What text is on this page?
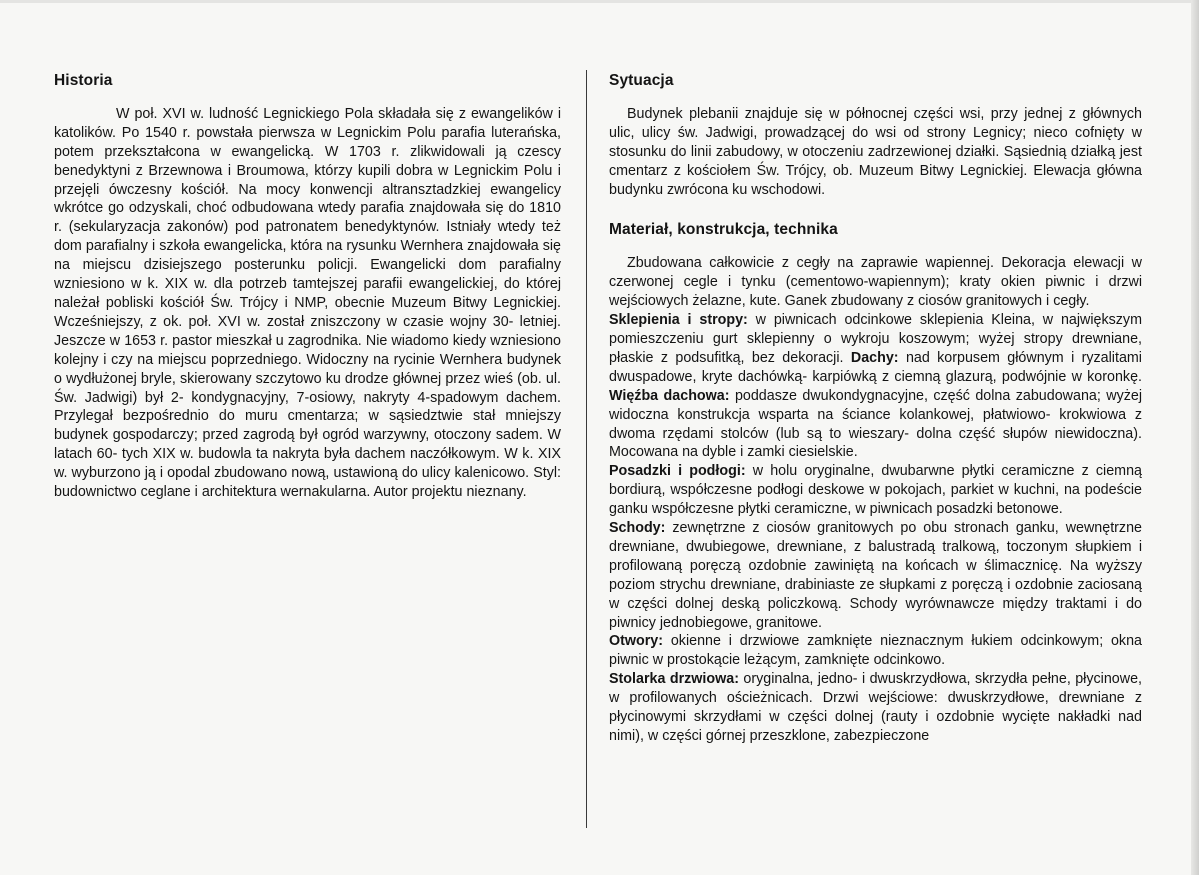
Historia

W poł. XVI w. ludność Legnickiego Pola składała się z ewangelików i katolików. Po 1540 r. powstała pierwsza w Legnickim Polu parafia luterańska, potem przekształcona w ewangelicką. W 1703 r. zlikwidowali ją czescy benedyktyni z Brzewnowa i Broumowa, którzy kupili dobra w Legnickim Polu i przejęli ówczesny kościół. Na mocy konwencji altransztadzkiej ewangelicy wkrótce go odzyskali, choć odbudowana wtedy parafia znajdowała się do 1810 r. (sekularyzacja zakonów) pod patronatem benedyktynów. Istniały wtedy też dom parafialny i szkoła ewangelicka, która na rysunku Wernhera znajdowała się na miejscu dzisiejszego posterunku policji. Ewangelicki dom parafialny wzniesiono w k. XIX w. dla potrzeb tamtejszej parafii ewangelickiej, do której należał pobliski kościół Św. Trójcy i NMP, obecnie Muzeum Bitwy Legnickiej. Wcześniejszy, z ok. poł. XVI w. został zniszczony w czasie wojny 30- letniej. Jeszcze w 1653 r. pastor mieszkał u zagrodnika. Nie wiadomo kiedy wzniesiono kolejny i czy na miejscu poprzedniego. Widoczny na rycinie Wernhera budynek o wydłużonej bryle, skierowany szczytowo ku drodze głównej przez wieś (ob. ul. Św. Jadwigi) był 2- kondygnacyjny, 7-osiowy, nakryty 4-spadowym dachem. Przylegał bezpośrednio do muru cmentarza; w sąsiedztwie stał mniejszy budynek gospodarczy; przed zagrodą był ogród warzywny, otoczony sadem. W latach 60- tych XIX w. budowla ta nakryta była dachem naczółkowym. W k. XIX w. wyburzono ją i opodal zbudowano nową, ustawioną do ulicy kalenicowo. Styl: budownictwo ceglane i architektura wernakularna. Autor projektu nieznany.

Sytuacja

Budynek plebanii znajduje się w północnej części wsi, przy jednej z głównych ulic, ulicy św. Jadwigi, prowadzącej do wsi od strony Legnicy; nieco cofnięty w stosunku do linii zabudowy, w otoczeniu zadrzewionej działki. Sąsiednią działką jest cmentarz z kościołem Św. Trójcy, ob. Muzeum Bitwy Legnickiej. Elewacja główna budynku zwrócona ku wschodowi.

Materiał, konstrukcja, technika

Zbudowana całkowicie z cegły na zaprawie wapiennej. Dekoracja elewacji w czerwonej cegle i tynku (cementowo-wapiennym); kraty okien piwnic i drzwi wejściowych żelazne, kute. Ganek zbudowany z ciosów granitowych i cegły.

Sklepienia i stropy: w piwnicach odcinkowe sklepienia Kleina, w największym pomieszczeniu gurt sklepienny o wykroju koszowym; wyżej stropy drewniane, płaskie z podsufitką, bez dekoracji. Dachy: nad korpusem głównym i ryzalitami dwuspadowe, kryte dachówką- karpiówką z ciemną glazurą, podwójnie w koronkę. Więźba dachowa: poddasze dwukondygnacyjne, część dolna zabudowana; wyżej widoczna konstrukcja wsparta na ściance kolankowej, płatwiowo- krokwiowa z dwoma rzędami stolców (lub są to wieszary- dolna część słupów niewidoczna). Mocowana na dyble i zamki ciesielskie.

Posadzki i podłogi: w holu oryginalne, dwubarwne płytki ceramiczne z ciemną bordiurą, współczesne podłogi deskowe w pokojach, parkiet w kuchni, na podeście ganku współczesne płytki ceramiczne, w piwnicach posadzki betonowe.

Schody: zewnętrzne z ciosów granitowych po obu stronach ganku, wewnętrzne drewniane, dwubiegowe, drewniane, z balustradą tralkową, toczonym słupkiem i profilowaną poręczą ozdobnie zawiniętą na końcach w ślimacznicę. Na wyższy poziom strychu drewniane, drabiniaste ze słupkami z poręczą i ozdobnie zaciosaną w części dolnej deską policzkową. Schody wyrównawcze między traktami i do piwnicy jednobiegowe, granitowe.

Otwory: okienne i drzwiowe zamknięte nieznacznym łukiem odcinkowym; okna piwnic w prostokącie leżącym, zamknięte odcinkowo.

Stolarka drzwiowa: oryginalna, jedno- i dwuskrzydłowa, skrzydła pełne, płycinowe, w profilowanych ościeżnicach. Drzwi wejściowe: dwuskrzydłowe, drewniane z płycinowymi skrzydłami w części dolnej (rauty i ozdobnie wycięte nakładki nad nimi), w części górnej przeszklone, zabezpieczone
